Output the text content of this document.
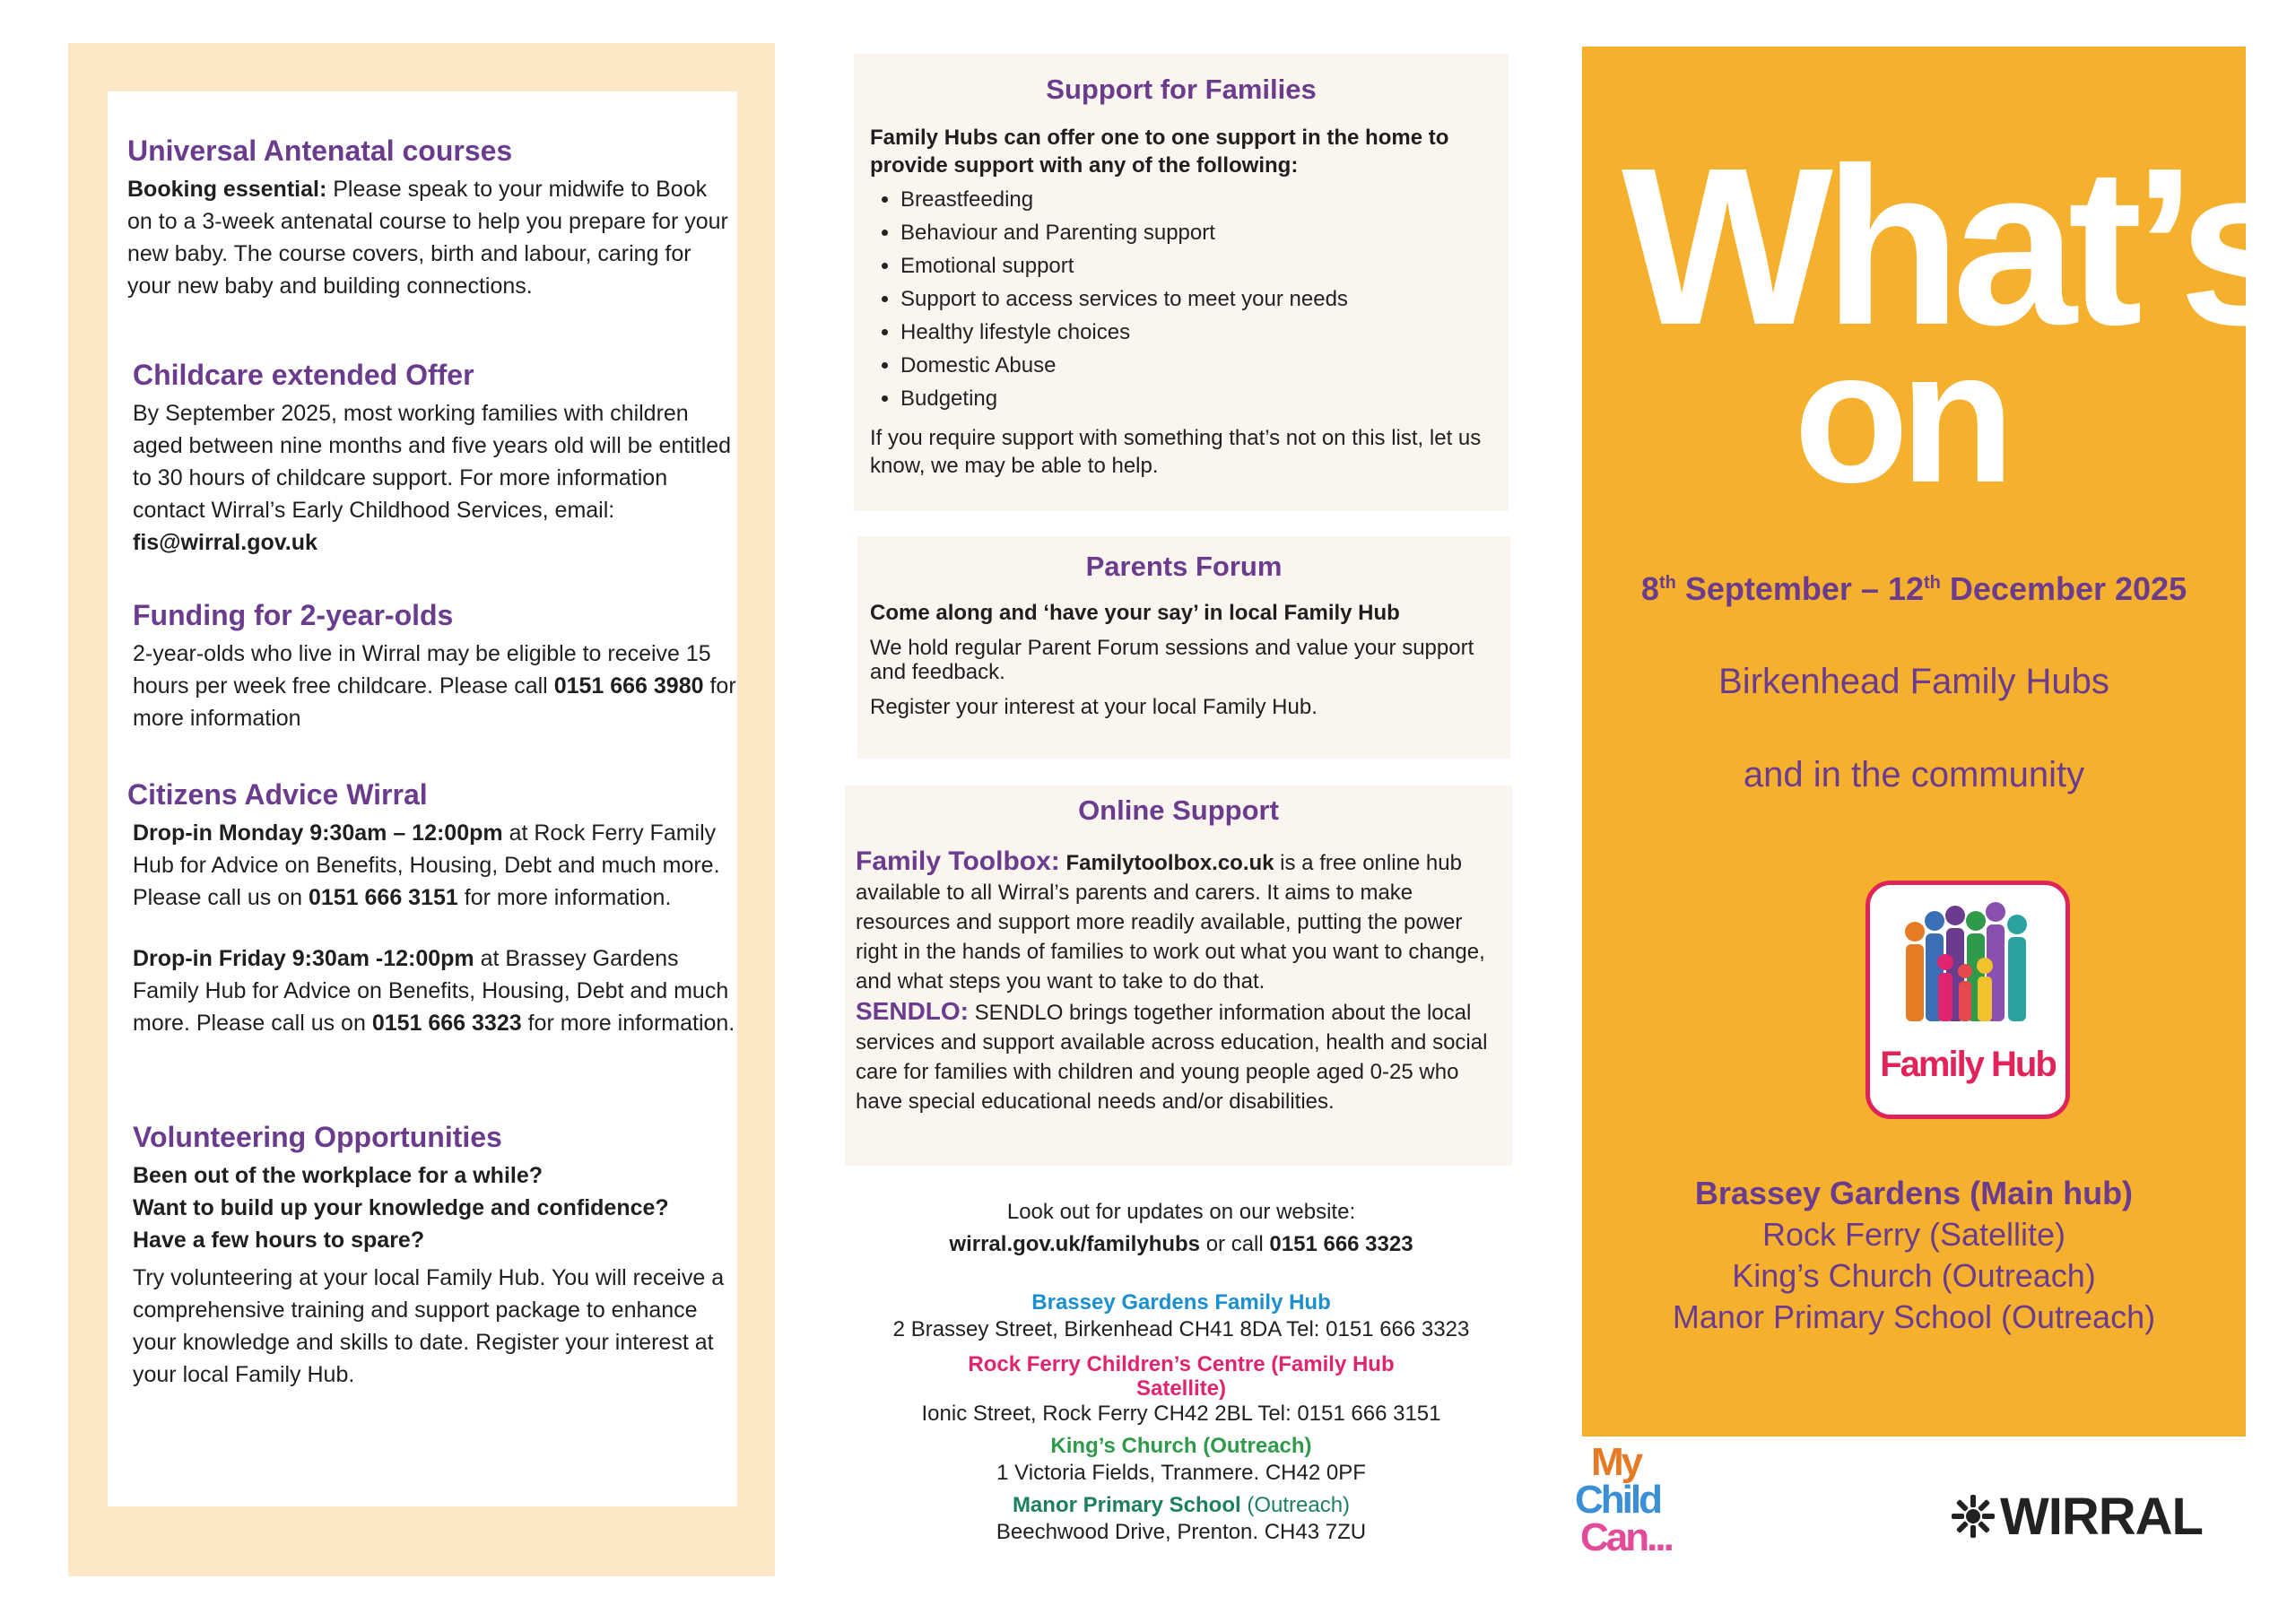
Universal Antenatal courses

Booking essential: Please speak to your midwife to Book on to a 3-week antenatal course to help you prepare for your new baby. The course covers, birth and labour, caring for your new baby and building connections.

Childcare extended Offer

By September 2025, most working families with children aged between nine months and five years old will be entitled to 30 hours of childcare support. For more information contact Wirral’s Early Childhood Services, email: fis@wirral.gov.uk

Funding for 2-year-olds

2-year-olds who live in Wirral may be eligible to receive 15 hours per week free childcare. Please call 0151 666 3980 for more information

Citizens Advice Wirral

Drop-in Monday 9:30am – 12:00pm at Rock Ferry Family Hub for Advice on Benefits, Housing, Debt and much more. Please call us on 0151 666 3151 for more information.

Drop-in Friday 9:30am -12:00pm at Brassey Gardens Family Hub for Advice on Benefits, Housing, Debt and much more. Please call us on 0151 666 3323 for more information.

Volunteering Opportunities

Been out of the workplace for a while?

Want to build up your knowledge and confidence?

Have a few hours to spare?

Try volunteering at your local Family Hub. You will receive a comprehensive training and support package to enhance your knowledge and skills to date. Register your interest at your local Family Hub.

Support for Families

Family Hubs can offer one to one support in the home to provide support with any of the following:

• Breastfeeding
• Behaviour and Parenting support
• Emotional support
• Support to access services to meet your needs
• Healthy lifestyle choices
• Domestic Abuse
• Budgeting

If you require support with something that’s not on this list, let us know, we may be able to help.

Parents Forum

Come along and ‘have your say’ in local Family Hub

We hold regular Parent Forum sessions and value your support and feedback.

Register your interest at your local Family Hub.

Online Support

Family Toolbox: Familytoolbox.co.uk is a free online hub available to all Wirral’s parents and carers. It aims to make resources and support more readily available, putting the power right in the hands of families to work out what you want to change, and what steps you want to take to do that.

SENDLO: SENDLO brings together information about the local services and support available across education, health and social care for families with children and young people aged 0-25 who have special educational needs and/or disabilities.

Look out for updates on our website:

wirral.gov.uk/familyhubs or call 0151 666 3323

Brassey Gardens Family Hub

2 Brassey Street, Birkenhead CH41 8DA Tel: 0151 666 3323

Rock Ferry Children’s Centre (Family Hub Satellite)

Ionic Street, Rock Ferry CH42 2BL Tel: 0151 666 3151

King’s Church (Outreach)

1 Victoria Fields, Tranmere. CH42 0PF

Manor Primary School (Outreach)

Beechwood Drive, Prenton. CH43 7ZU

What’s
on

8th September – 12th December 2025

Birkenhead Family Hubs

and in the community

Family Hub

Brassey Gardens (Main hub)

Rock Ferry (Satellite)

King’s Church (Outreach)

Manor Primary School (Outreach)

My
Child
Can...	WIRRAL
